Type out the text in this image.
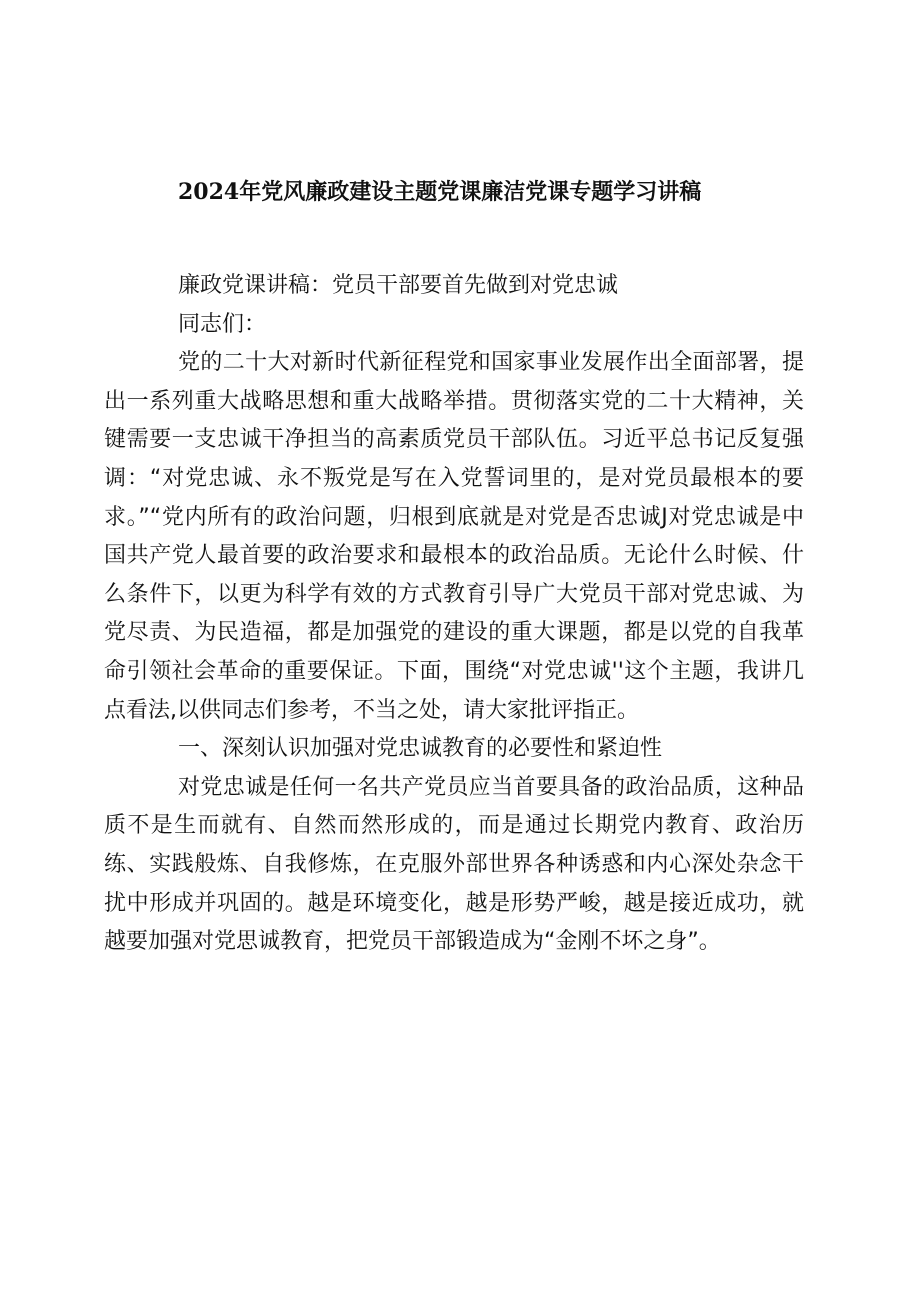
2024年党风廉政建设主题党课廉洁党课专题学习讲稿

廉政党课讲稿：党员干部要首先做到对党忠诚

同志们：

党的二十大对新时代新征程党和国家事业发展作出全面部署，提出一系列重大战略思想和重大战略举措。贯彻落实党的二十大精神，关键需要一支忠诚干净担当的高素质党员干部队伍。习近平总书记反复强调：“对党忠诚、永不叛党是写在入党誓词里的，是对党员最根本的要求。”“党内所有的政治问题，归根到底就是对党是否忠诚J对党忠诚是中国共产党人最首要的政治要求和最根本的政治品质。无论什么时候、什么条件下，以更为科学有效的方式教育引导广大党员干部对党忠诚、为党尽责、为民造福，都是加强党的建设的重大课题，都是以党的自我革命引领社会革命的重要保证。下面，围绕“对党忠诚''这个主题，我讲几点看法,以供同志们参考，不当之处，请大家批评指正。

一、深刻认识加强对党忠诚教育的必要性和紧迫性

对党忠诚是任何一名共产党员应当首要具备的政治品质，这种品质不是生而就有、自然而然形成的，而是通过长期党内教育、政治历练、实践般炼、自我修炼，在克服外部世界各种诱惑和内心深处杂念干扰中形成并巩固的。越是环境变化，越是形势严峻，越是接近成功，就越要加强对党思诚教育，把党员干部锻造成为“金刚不坏之身”。
